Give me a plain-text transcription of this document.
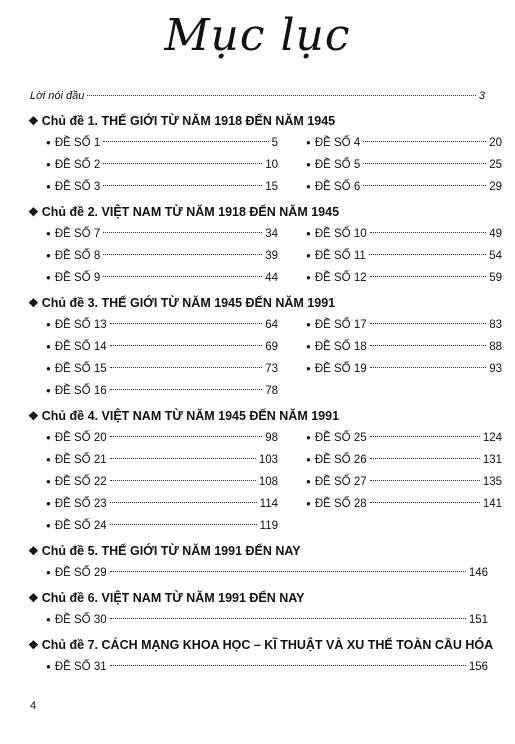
Mục lục
Lời nói đầu	3
❖ Chủ đề 1. THẾ GIỚI TỪ NĂM 1918 ĐẾN NĂM 1945
● ĐỀ SỐ 1	5
● ĐỀ SỐ 2	10
● ĐỀ SỐ 3	15
● ĐỀ SỐ 4	20
● ĐỀ SỐ 5	25
● ĐỀ SỐ 6	29
❖ Chủ đề 2. VIỆT NAM TỪ NĂM 1918 ĐẾN NĂM 1945
● ĐỀ SỐ 7	34
● ĐỀ SỐ 8	39
● ĐỀ SỐ 9	44
● ĐỀ SỐ 10	49
● ĐỀ SỐ 11	54
● ĐỀ SỐ 12	59
❖ Chủ đề 3. THẾ GIỚI TỪ NĂM 1945 ĐẾN NĂM 1991
● ĐỀ SỐ 13	64
● ĐỀ SỐ 14	69
● ĐỀ SỐ 15	73
● ĐỀ SỐ 16	78
● ĐỀ SỐ 17	83
● ĐỀ SỐ 18	88
● ĐỀ SỐ 19	93
❖ Chủ đề 4. VIỆT NAM TỪ NĂM 1945 ĐẾN NĂM 1991
● ĐỀ SỐ 20	98
● ĐỀ SỐ 21	103
● ĐỀ SỐ 22	108
● ĐỀ SỐ 23	114
● ĐỀ SỐ 24	119
● ĐỀ SỐ 25	124
● ĐỀ SỐ 26	131
● ĐỀ SỐ 27	135
● ĐỀ SỐ 28	141
❖ Chủ đề 5. THẾ GIỚI TỪ NĂM 1991 ĐẾN NAY
● ĐỀ SỐ 29	146
❖ Chủ đề 6. VIỆT NAM TỪ NĂM 1991 ĐẾN NAY
● ĐỀ SỐ 30	151
❖ Chủ đề 7. CÁCH MẠNG KHOA HỌC – KĨ THUẬT VÀ XU THẾ TOÀN CẦU HÓA
● ĐỀ SỐ 31	156
4
